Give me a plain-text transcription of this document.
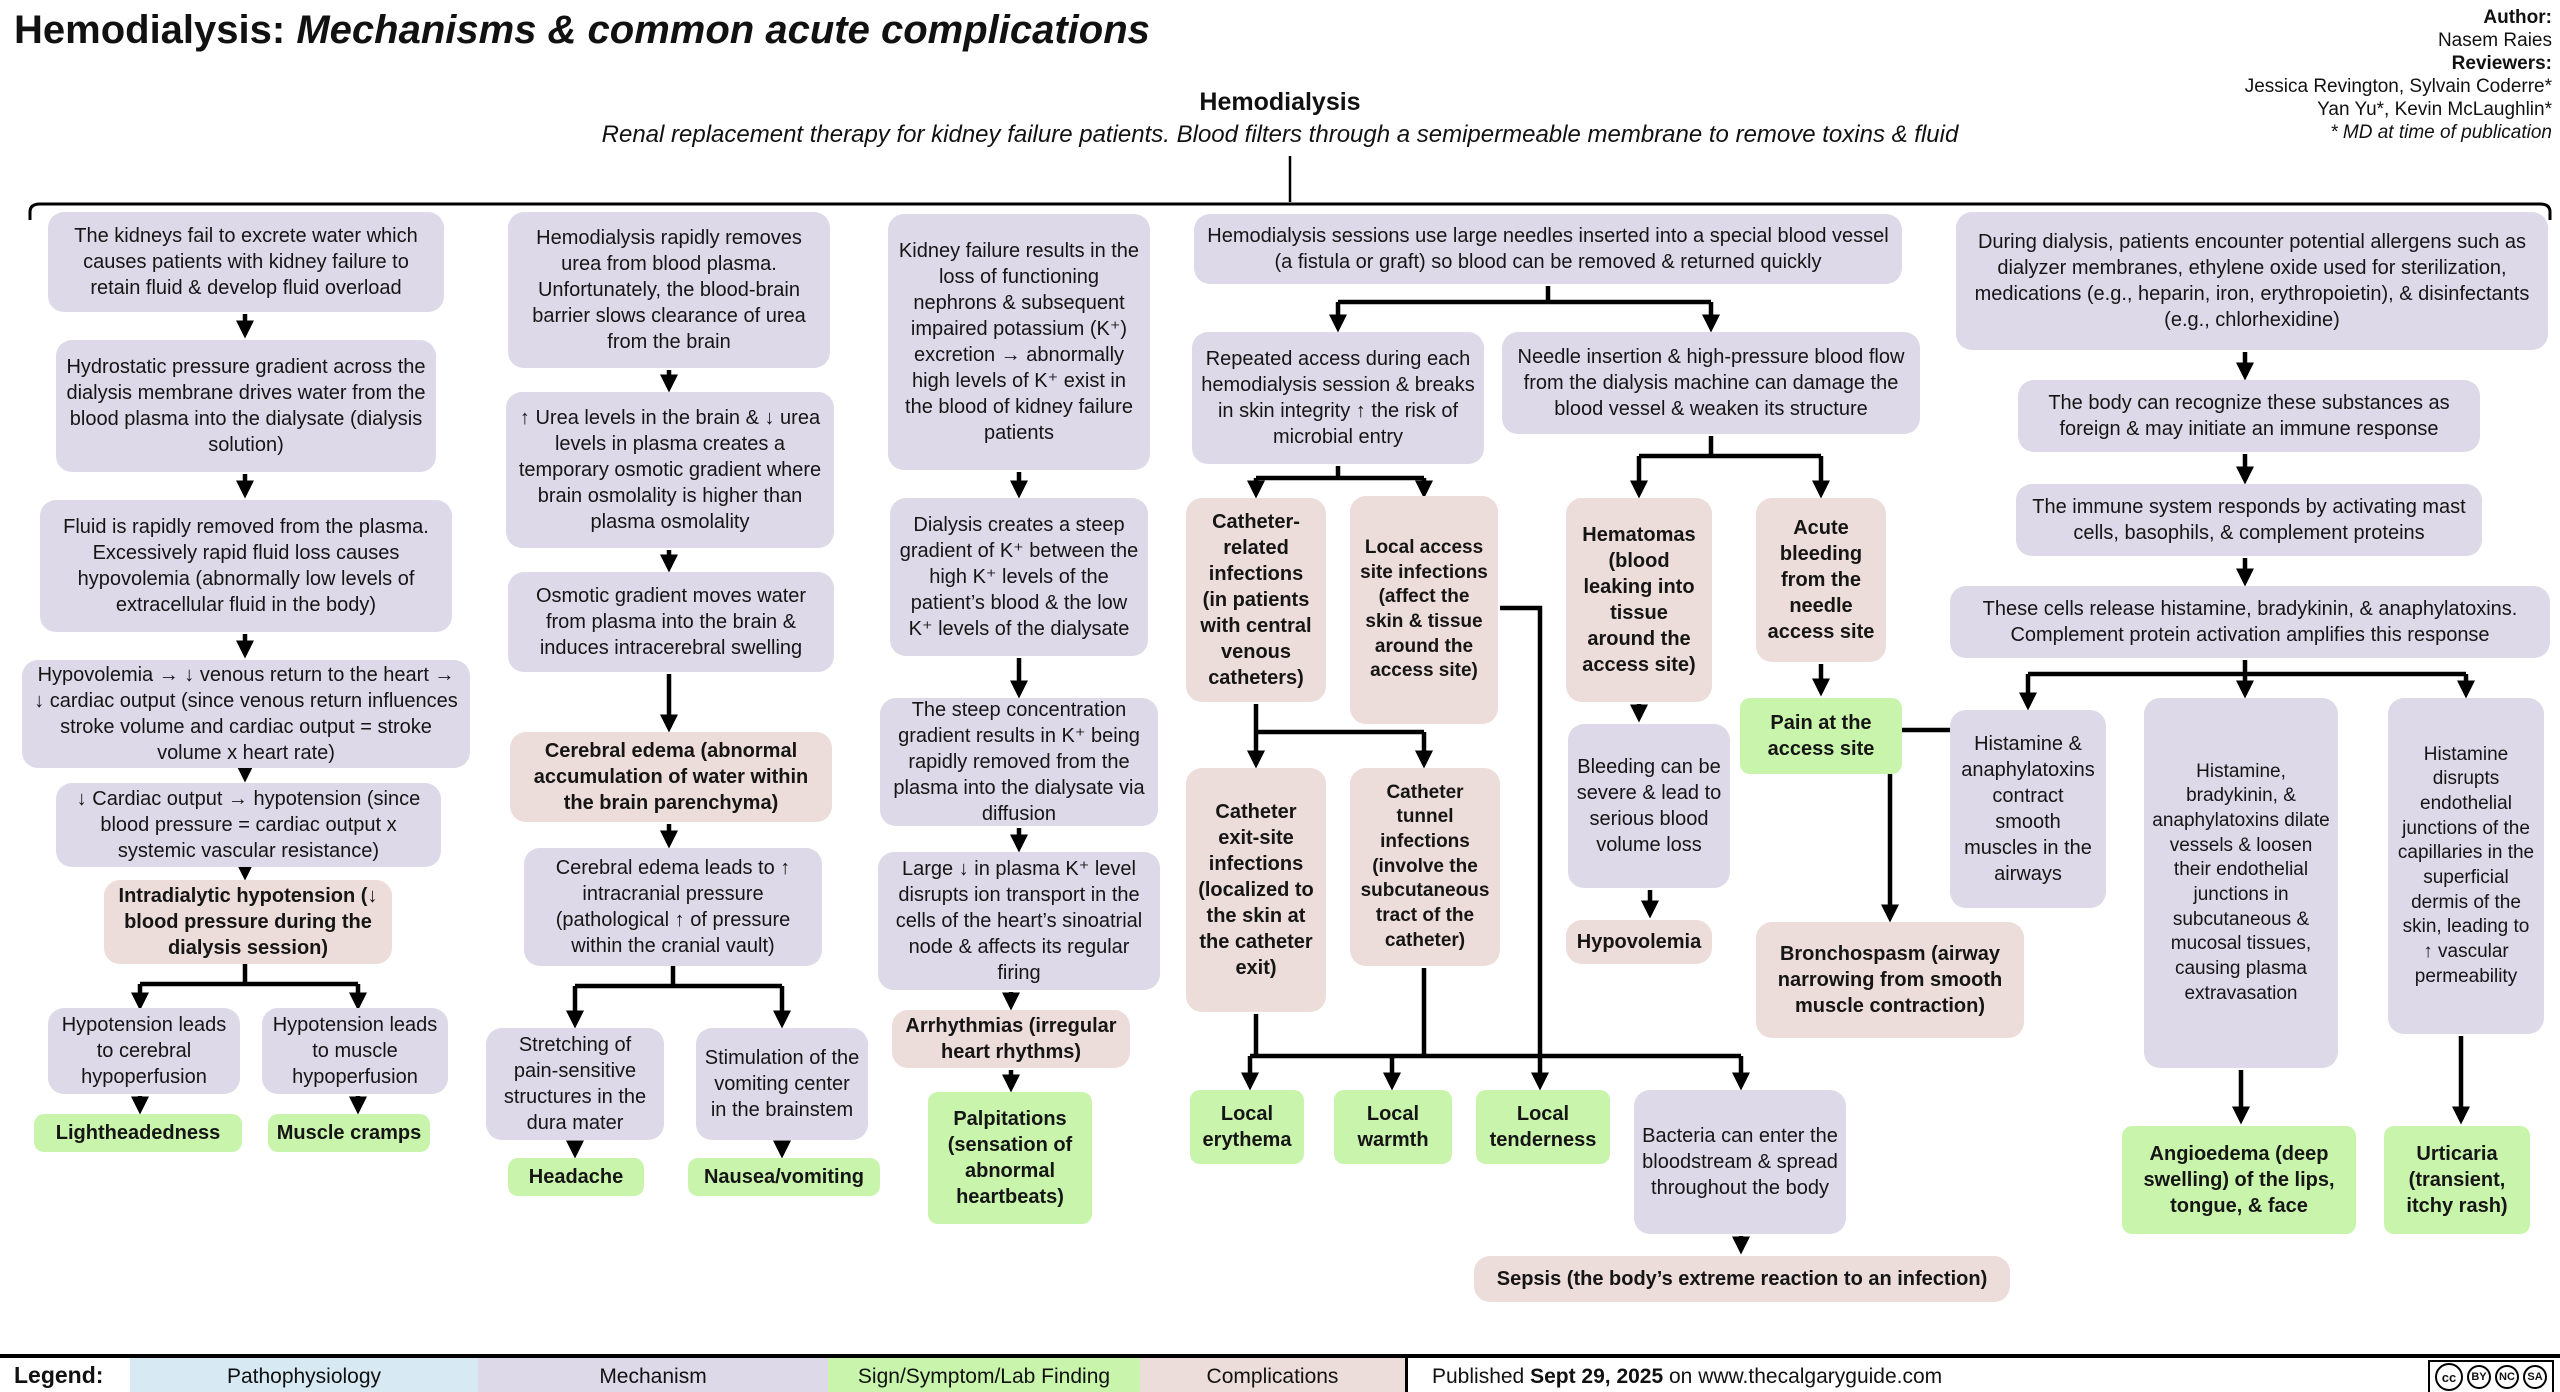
Hemodialysis: Mechanisms & common acute complications	Author:
Nasem Raies
Reviewers:
Jessica Revington, Sylvain Coderre*
Yan Yu*, Kevin McLaughlin*
* MD at time of publication
Hemodialysis
Renal replacement therapy for kidney failure patients. Blood filters through a semipermeable membrane to remove toxins & fluid
The kidneys fail to excrete water which causes patients with kidney failure to retain fluid & develop fluid overload
Hydrostatic pressure gradient across the dialysis membrane drives water from the blood plasma into the dialysate (dialysis solution)
Fluid is rapidly removed from the plasma. Excessively rapid fluid loss causes hypovolemia (abnormally low levels of extracellular fluid in the body)
Hypovolemia → ↓ venous return to the heart → ↓ cardiac output (since venous return influences stroke volume and cardiac output = stroke volume x heart rate)
↓ Cardiac output → hypotension (since blood pressure = cardiac output x systemic vascular resistance)
Intradialytic hypotension (↓ blood pressure during the dialysis session)
Hypotension leads to cerebral hypoperfusion
Hypotension leads to muscle hypoperfusion
Lightheadedness	Muscle cramps
Hemodialysis rapidly removes urea from blood plasma. Unfortunately, the blood-brain barrier slows clearance of urea from the brain
↑ Urea levels in the brain & ↓ urea levels in plasma creates a temporary osmotic gradient where brain osmolality is higher than plasma osmolality
Osmotic gradient moves water from plasma into the brain & induces intracerebral swelling
Cerebral edema (abnormal accumulation of water within the brain parenchyma)
Cerebral edema leads to ↑ intracranial pressure (pathological ↑ of pressure within the cranial vault)
Stretching of pain-sensitive structures in the dura mater
Stimulation of the vomiting center in the brainstem
Headache	Nausea/vomiting
Kidney failure results in the loss of functioning nephrons & subsequent impaired potassium (K⁺) excretion → abnormally high levels of K⁺ exist in the blood of kidney failure patients
Dialysis creates a steep gradient of K⁺ between the high K⁺ levels of the patient’s blood & the low K⁺ levels of the dialysate
The steep concentration gradient results in K⁺ being rapidly removed from the plasma into the dialysate via diffusion
Large ↓ in plasma K⁺ level disrupts ion transport in the cells of the heart’s sinoatrial node & affects its regular firing
Arrhythmias (irregular heart rhythms)
Palpitations (sensation of abnormal heartbeats)
Hemodialysis sessions use large needles inserted into a special blood vessel (a fistula or graft) so blood can be removed & returned quickly
Repeated access during each hemodialysis session & breaks in skin integrity ↑ the risk of microbial entry
Needle insertion & high-pressure blood flow from the dialysis machine can damage the blood vessel & weaken its structure
Catheter-related infections (in patients with central venous catheters)
Local access site infections (affect the skin & tissue around the access site)
Catheter exit-site infections (localized to the skin at the catheter exit)
Catheter tunnel infections (involve the subcutaneous tract of the catheter)
Hematomas (blood leaking into tissue around the access site)
Acute bleeding from the needle access site
Bleeding can be severe & lead to serious blood volume loss
Pain at the access site
Hypovolemia
Bronchospasm (airway narrowing from smooth muscle contraction)
Local erythema
Local warmth
Local tenderness	Bacteria can enter the bloodstream & spread throughout the body
Sepsis (the body’s extreme reaction to an infection)
During dialysis, patients encounter potential allergens such as dialyzer membranes, ethylene oxide used for sterilization, medications (e.g., heparin, iron, erythropoietin), & disinfectants (e.g., chlorhexidine)
The body can recognize these substances as foreign & may initiate an immune response
The immune system responds by activating mast cells, basophils, & complement proteins
These cells release histamine, bradykinin, & anaphylatoxins. Complement protein activation amplifies this response
Histamine & anaphylatoxins contract smooth muscles in the airways
Histamine, bradykinin, & anaphylatoxins dilate vessels & loosen their endothelial junctions in subcutaneous & mucosal tissues, causing plasma extravasation
Histamine disrupts endothelial junctions of the capillaries in the superficial dermis of the skin, leading to ↑ vascular permeability
Angioedema (deep swelling) of the lips, tongue, & face
Urticaria (transient, itchy rash)
Legend:	Pathophysiology	Mechanism	Sign/Symptom/Lab Finding	Complications	Published Sept 29, 2025 on www.thecalgaryguide.com	cc	BY	NC	SA
